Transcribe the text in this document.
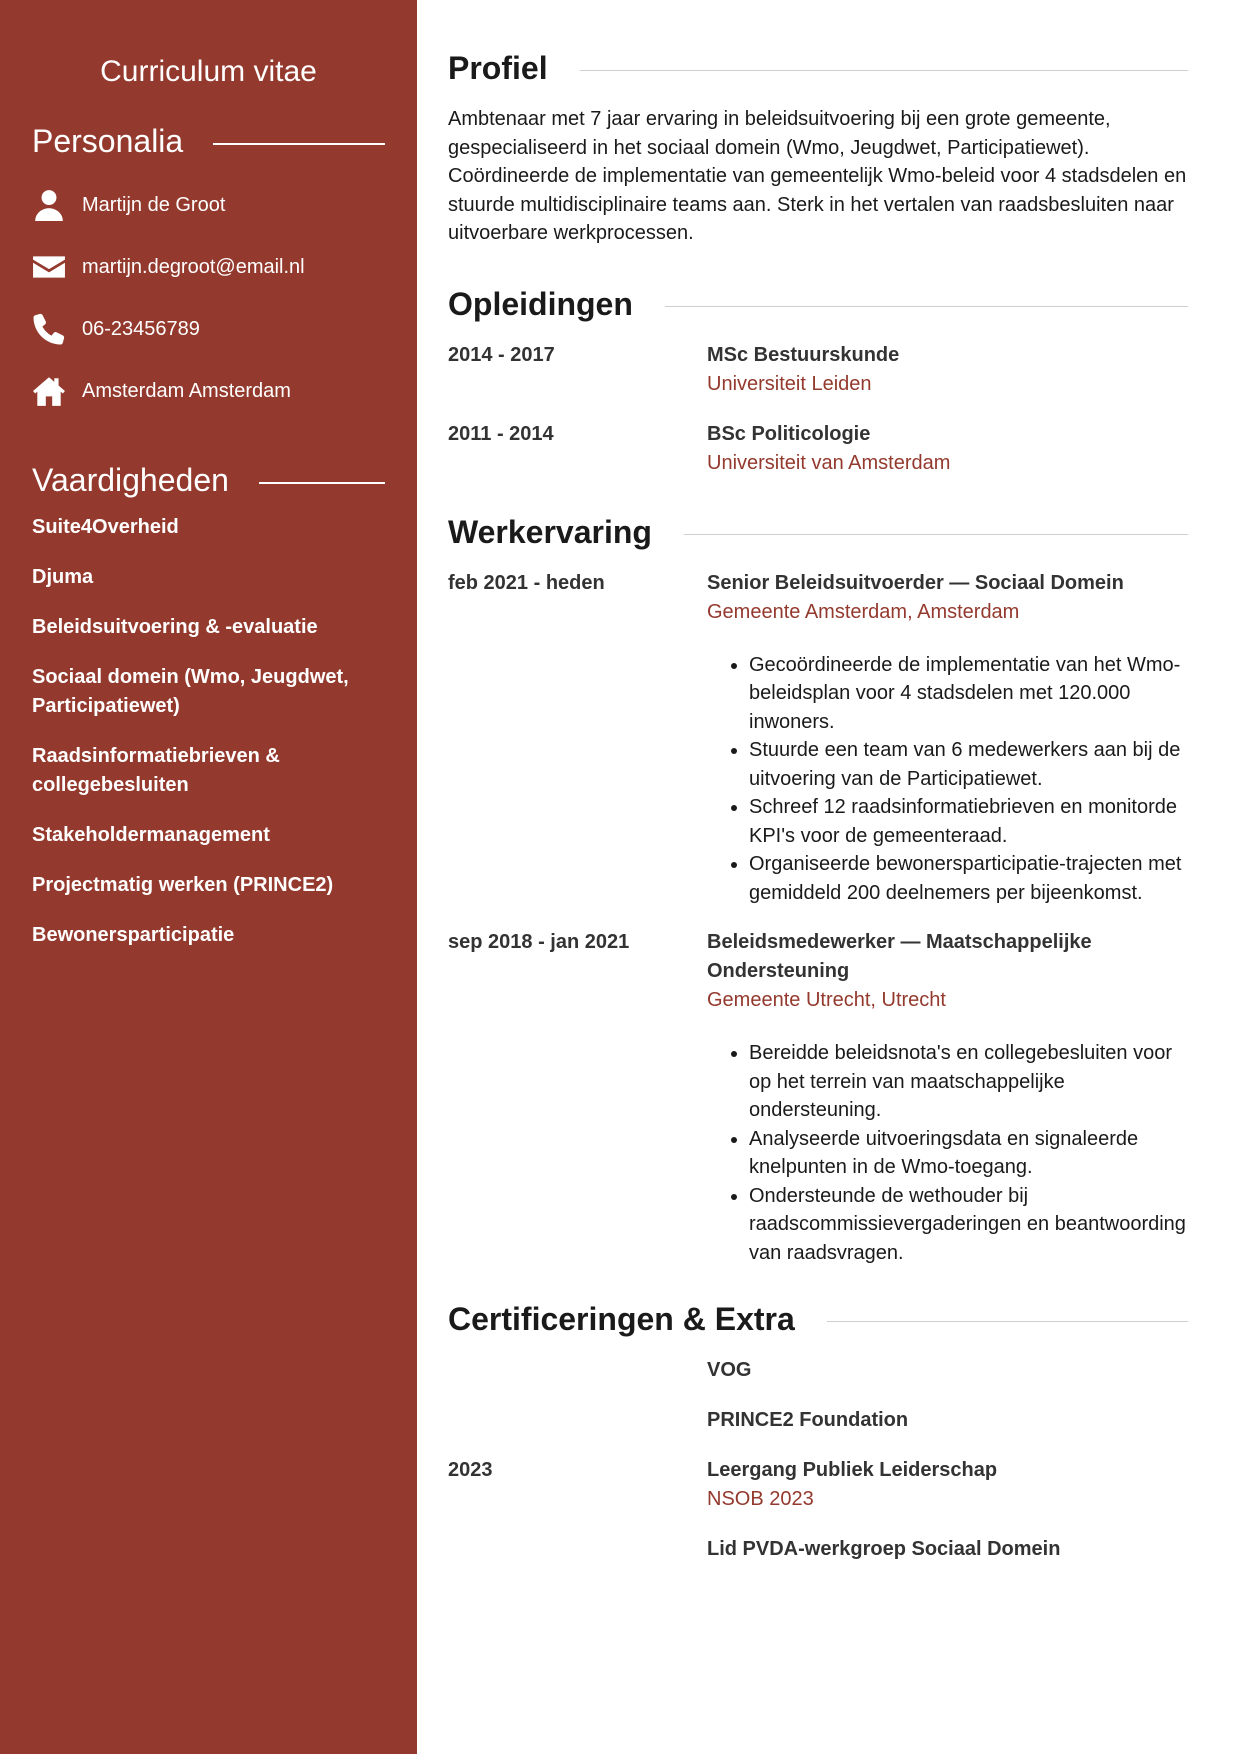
Curriculum vitae
Personalia
Martijn de Groot
martijn.degroot@email.nl
06-23456789
Amsterdam Amsterdam
Vaardigheden
Suite4Overheid
Djuma
Beleidsuitvoering & -evaluatie
Sociaal domein (Wmo, Jeugdwet, Participatiewet)
Raadsinformatiebrieven & collegebesluiten
Stakeholdermanagement
Projectmatig werken (PRINCE2)
Bewonersparticipatie
Profiel

Ambtenaar met 7 jaar ervaring in beleidsuitvoering bij een grote gemeente, gespecialiseerd in het sociaal domein (Wmo, Jeugdwet, Participatiewet). Coördineerde de implementatie van gemeentelijk Wmo-beleid voor 4 stadsdelen en stuurde multidisciplinaire teams aan. Sterk in het vertalen van raadsbesluiten naar uitvoerbare werkprocessen.

Opleidingen
2014 - 2017	MSc Bestuurskunde
Universiteit Leiden
2011 - 2014	BSc Politicologie
Universiteit van Amsterdam
Werkervaring
feb 2021 - heden	Senior Beleidsuitvoerder — Sociaal Domein
Gemeente Amsterdam, Amsterdam
• Gecoördineerde de implementatie van het Wmo-beleidsplan voor 4 stadsdelen met 120.000 inwoners.
• Stuurde een team van 6 medewerkers aan bij de uitvoering van de Participatiewet.
• Schreef 12 raadsinformatiebrieven en monitorde KPI's voor de gemeenteraad.
• Organiseerde bewonersparticipatie-trajecten met gemiddeld 200 deelnemers per bijeenkomst.
sep 2018 - jan 2021	Beleidsmedewerker — Maatschappelijke Ondersteuning
Gemeente Utrecht, Utrecht
• Bereidde beleidsnota's en collegebesluiten voor op het terrein van maatschappelijke ondersteuning.
• Analyseerde uitvoeringsdata en signaleerde knelpunten in de Wmo-toegang.
• Ondersteunde de wethouder bij raadscommissievergaderingen en beantwoording van raadsvragen.
Certificeringen & Extra
VOG
PRINCE2 Foundation
2023	Leergang Publiek Leiderschap
NSOB 2023
Lid PVDA-werkgroep Sociaal Domein
